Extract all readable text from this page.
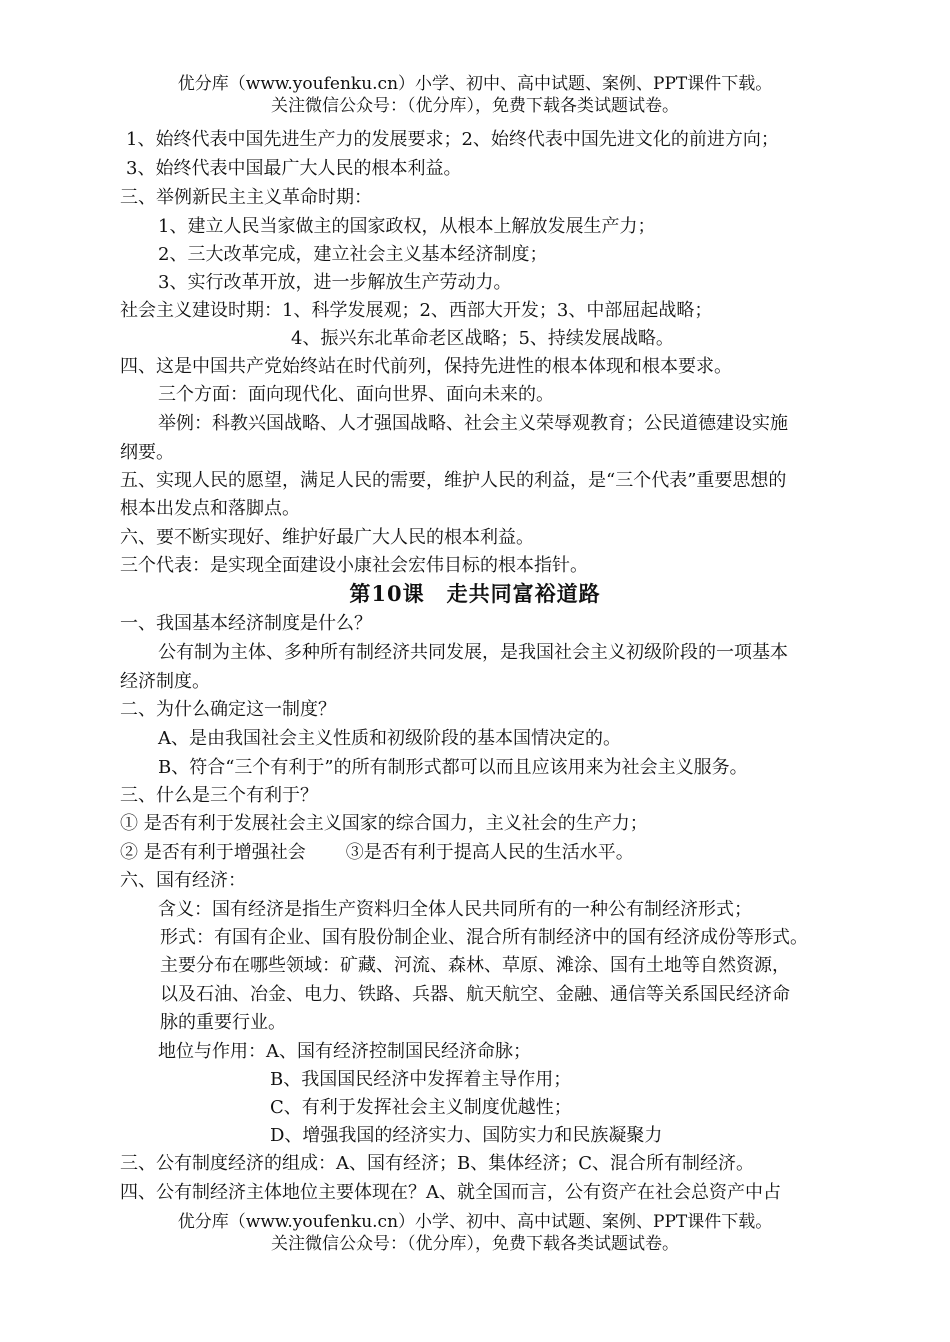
优分库（www.youfenku.cn）小学、初中、高中试题、案例、PPT课件下载。
关注微信公众号：（优分库），免费下载各类试题试卷。
1、始终代表中国先进生产力的发展要求；2、始终代表中国先进文化的前进方向；
3、始终代表中国最广大人民的根本利益。
三、举例新民主主义革命时期：
1、建立人民当家做主的国家政权，从根本上解放发展生产力；
2、三大改革完成，建立社会主义基本经济制度；
3、实行改革开放，进一步解放生产劳动力。
社会主义建设时期：1、科学发展观；2、西部大开发；3、中部屈起战略；
4、振兴东北革命老区战略；5、持续发展战略。
四、这是中国共产党始终站在时代前列，保持先进性的根本体现和根本要求。
三个方面：面向现代化、面向世界、面向未来的。
举例：科教兴国战略、人才强国战略、社会主义荣辱观教育；公民道德建设实施
纲要。
五、实现人民的愿望，满足人民的需要，维护人民的利益，是“三个代表”重要思想的
根本出发点和落脚点。
六、要不断实现好、维护好最广大人民的根本利益。
三个代表：是实现全面建设小康社会宏伟目标的根本指针。
第10课　走共同富裕道路
一、我国基本经济制度是什么？
公有制为主体、多种所有制经济共同发展，是我国社会主义初级阶段的一项基本
经济制度。
二、为什么确定这一制度？
A、是由我国社会主义性质和初级阶段的基本国情决定的。
B、符合“三个有利于”的所有制形式都可以而且应该用来为社会主义服务。
三、什么是三个有利于？
① 是否有利于发展社会主义国家的综合国力，主义社会的生产力；
② 是否有利于增强社会 ③是否有利于提高人民的生活水平。
六、国有经济：
含义：国有经济是指生产资料归全体人民共同所有的一种公有制经济形式；
形式：有国有企业、国有股份制企业、混合所有制经济中的国有经济成份等形式。
主要分布在哪些领域：矿藏、河流、森林、草原、滩涂、国有土地等自然资源，
以及石油、冶金、电力、铁路、兵器、航天航空、金融、通信等关系国民经济命
脉的重要行业。
地位与作用：A、国有经济控制国民经济命脉；
B、我国国民经济中发挥着主导作用；
C、有利于发挥社会主义制度优越性；
D、增强我国的经济实力、国防实力和民族凝聚力
三、公有制度经济的组成：A、国有经济；B、集体经济；C、混合所有制经济。
四、公有制经济主体地位主要体现在？A、就全国而言，公有资产在社会总资产中占
优分库（www.youfenku.cn）小学、初中、高中试题、案例、PPT课件下载。
关注微信公众号：（优分库），免费下载各类试题试卷。
